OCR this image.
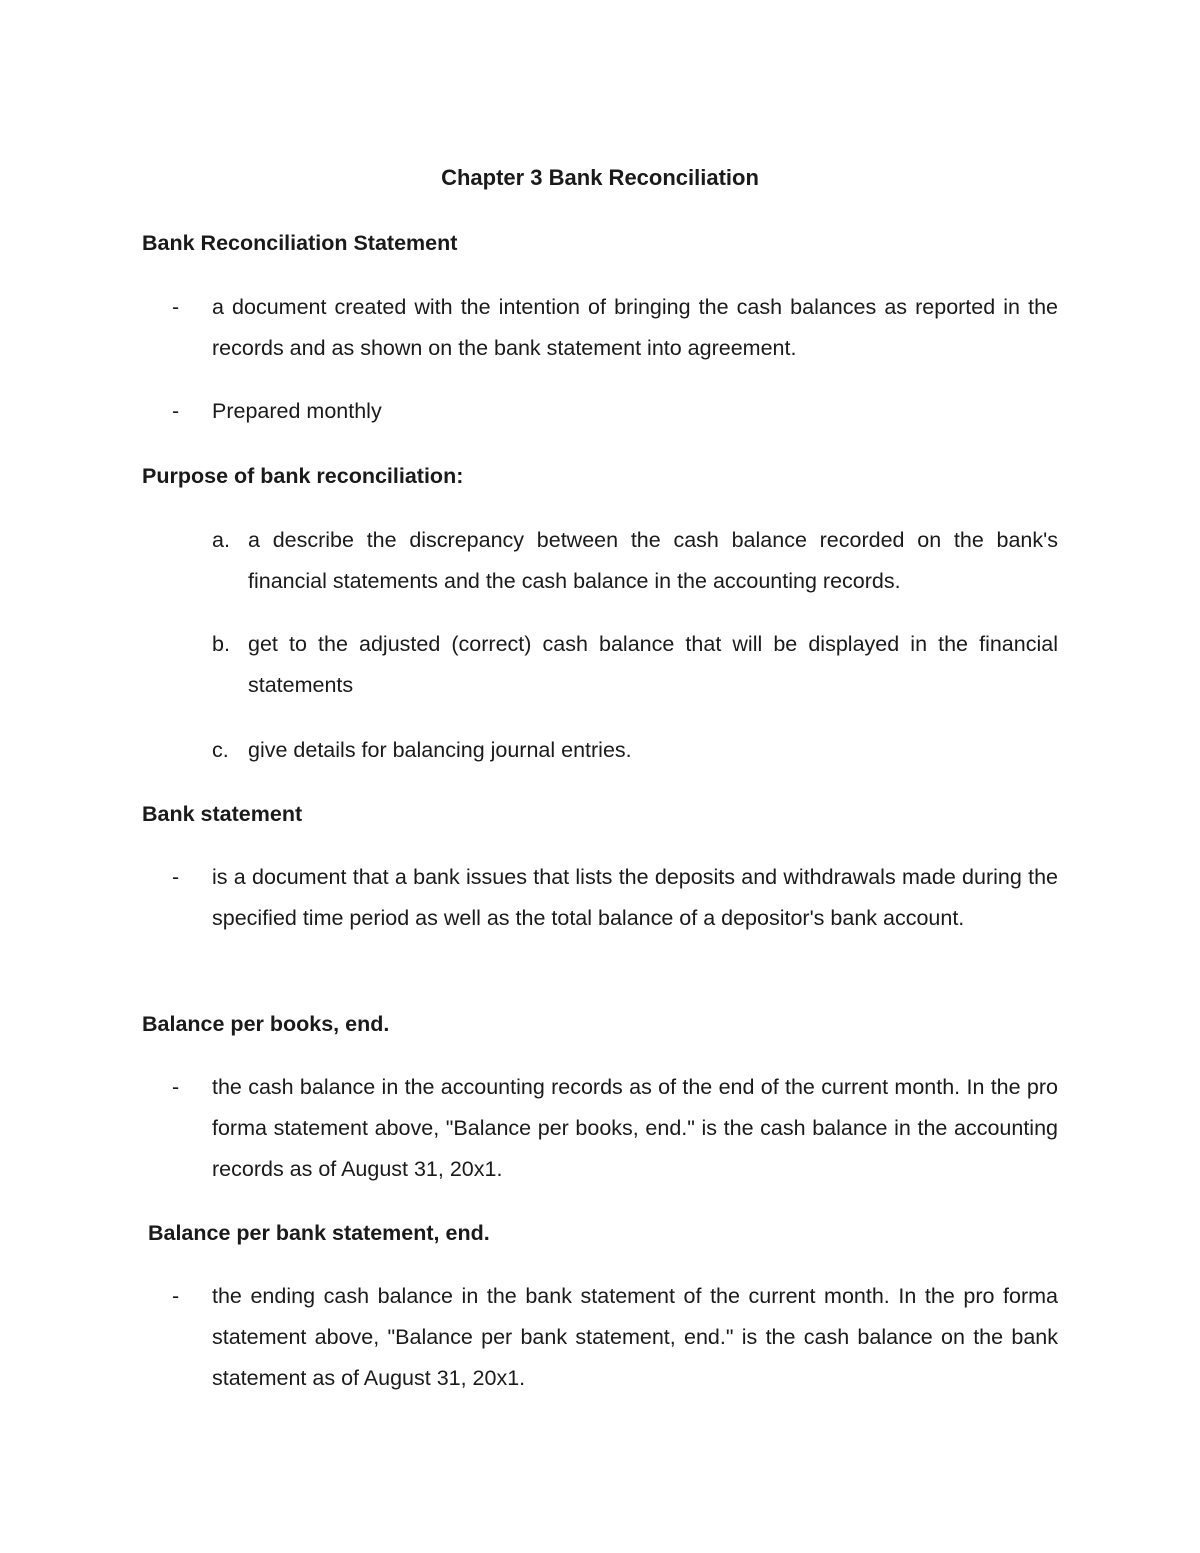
Chapter 3 Bank Reconciliation
Bank Reconciliation Statement
- a document created with the intention of bringing the cash balances as reported in the records and as shown on the bank statement into agreement.
- Prepared monthly
Purpose of bank reconciliation:
a. a describe the discrepancy between the cash balance recorded on the bank's financial statements and the cash balance in the accounting records.
b. get to the adjusted (correct) cash balance that will be displayed in the financial statements
c. give details for balancing journal entries.
Bank statement
- is a document that a bank issues that lists the deposits and withdrawals made during the specified time period as well as the total balance of a depositor's bank account.
Balance per books, end.
- the cash balance in the accounting records as of the end of the current month. In the pro forma statement above, "Balance per books, end." is the cash balance in the accounting records as of August 31, 20x1.
Balance per bank statement, end.
- the ending cash balance in the bank statement of the current month. In the pro forma statement above, "Balance per bank statement, end." is the cash balance on the bank statement as of August 31, 20x1.
